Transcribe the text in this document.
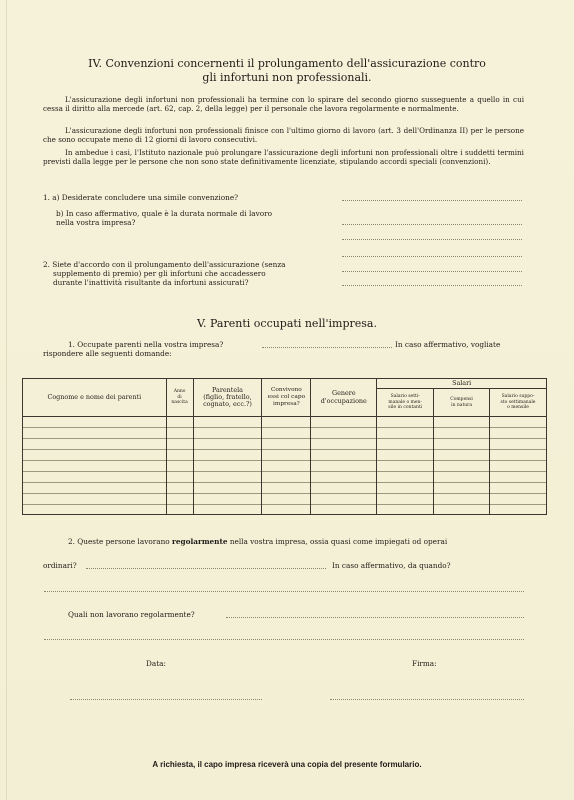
IV. Convenzioni concernenti il prolungamento dell'assicurazione contro
gli infortuni non professionali.

L'assicurazione degli infortuni non professionali ha termine con lo spirare del secondo giorno susseguente a quello in cui cessa il diritto alla mercede (art. 62, cap. 2, della legge) per il personale che lavora regolarmente e normalmente.

L'assicurazione degli infortuni non professionali finisce con l'ultimo giorno di lavoro (art. 3 dell'Ordinanza II) per le persone che sono occupate meno di 12 giorni di lavoro consecutivi.

In ambedue i casi, l'Istituto nazionale può prolungare l'assicurazione degli infortuni non professionali oltre i suddetti termini previsti dalla legge per le persone che non sono state definitivamente licenziate, stipulando accordi speciali (convenzioni).

1. a) Desiderate concludere una simile convenzione?
b) In caso affermativo, quale è la durata normale di lavoro
nella vostra impresa?
2. Siete d'accordo con il prolungamento dell'assicurazione (senza
supplemento di premio) per gli infortuni che accadessero
durante l'inattività risultante da infortuni assicurati?
V. Parenti occupati nell'impresa.
1. Occupate parenti nella vostra impresa?	In caso affermativo, vogliate
rispondere alle seguenti domande:
Cognome e nome dei parenti	Anno
di
nascita	Parentela
(figlio, fratello,
cognato, ecc.?)	Convivono
essi col capo
impresa?	Genere
d'occupazione	Salari		
					Salario setti-
manale o men-
sile in contanti	Compensi
in natura	Salario suppo-
sto settimanale
o mensile

2. Queste persone lavorano regolarmente nella vostra impresa, ossia quasi come impiegati od operai
ordinari?	In caso affermativo, da quando?
Quali non lavorano regolarmente?
Data:	Firma:
A richiesta, il capo impresa riceverà una copia del presente formulario.
